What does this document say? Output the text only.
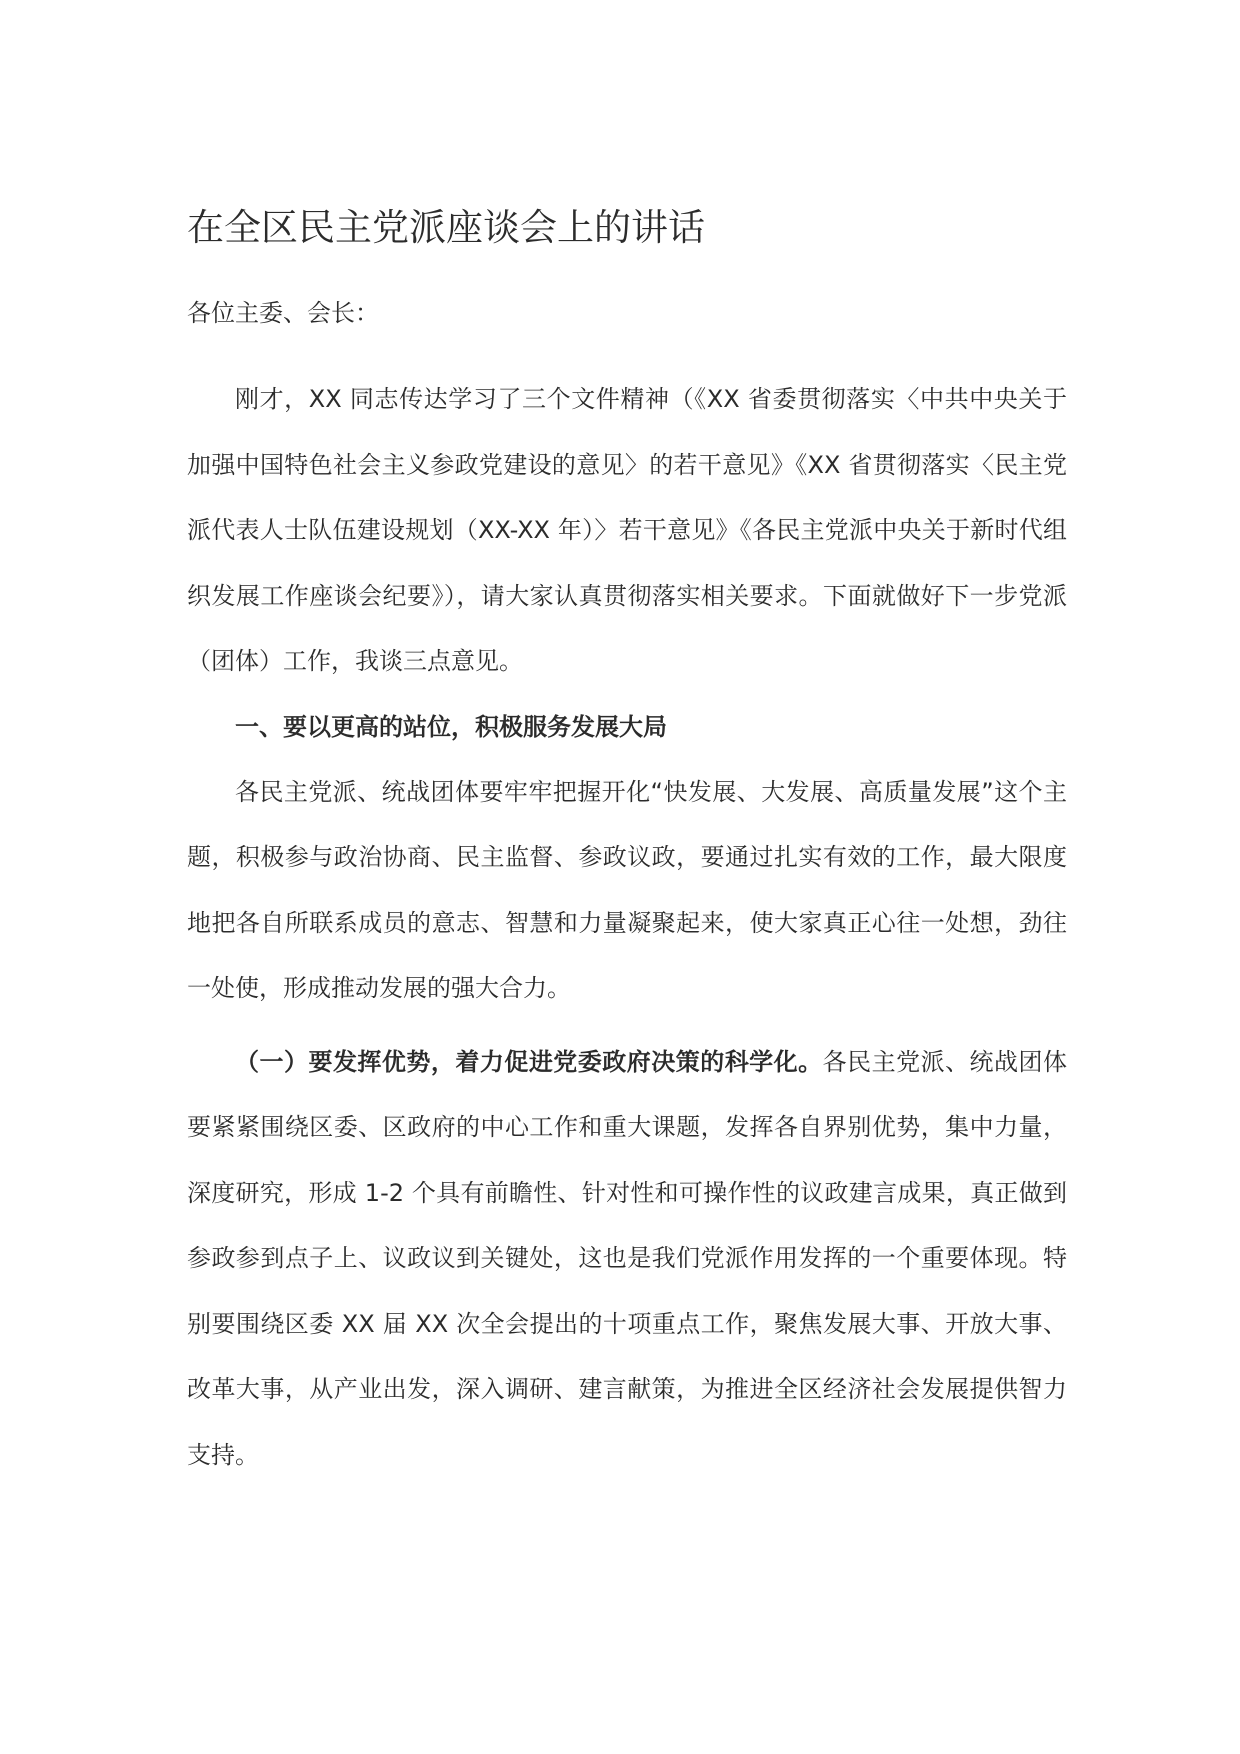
在全区民主党派座谈会上的讲话

各位主委、会长：

刚才，XX 同志传达学习了三个文件精神（《XX 省委贯彻落实〈中共中央关于加强中国特色社会主义参政党建设的意见〉的若干意见》《XX 省贯彻落实〈民主党派代表人士队伍建设规划（XX-XX 年）〉若干意见》《各民主党派中央关于新时代组织发展工作座谈会纪要》），请大家认真贯彻落实相关要求。下面就做好下一步党派（团体）工作，我谈三点意见。

一、要以更高的站位，积极服务发展大局

各民主党派、统战团体要牢牢把握开化“快发展、大发展、高质量发展”这个主题，积极参与政治协商、民主监督、参政议政，要通过扎实有效的工作，最大限度地把各自所联系成员的意志、智慧和力量凝聚起来，使大家真正心往一处想，劲往一处使，形成推动发展的强大合力。

（一）要发挥优势，着力促进党委政府决策的科学化。各民主党派、统战团体要紧紧围绕区委、区政府的中心工作和重大课题，发挥各自界别优势，集中力量，深度研究，形成 1-2 个具有前瞻性、针对性和可操作性的议政建言成果，真正做到参政参到点子上、议政议到关键处，这也是我们党派作用发挥的一个重要体现。特别要围绕区委 XX 届 XX 次全会提出的十项重点工作，聚焦发展大事、开放大事、改革大事，从产业出发，深入调研、建言献策，为推进全区经济社会发展提供智力支持。
